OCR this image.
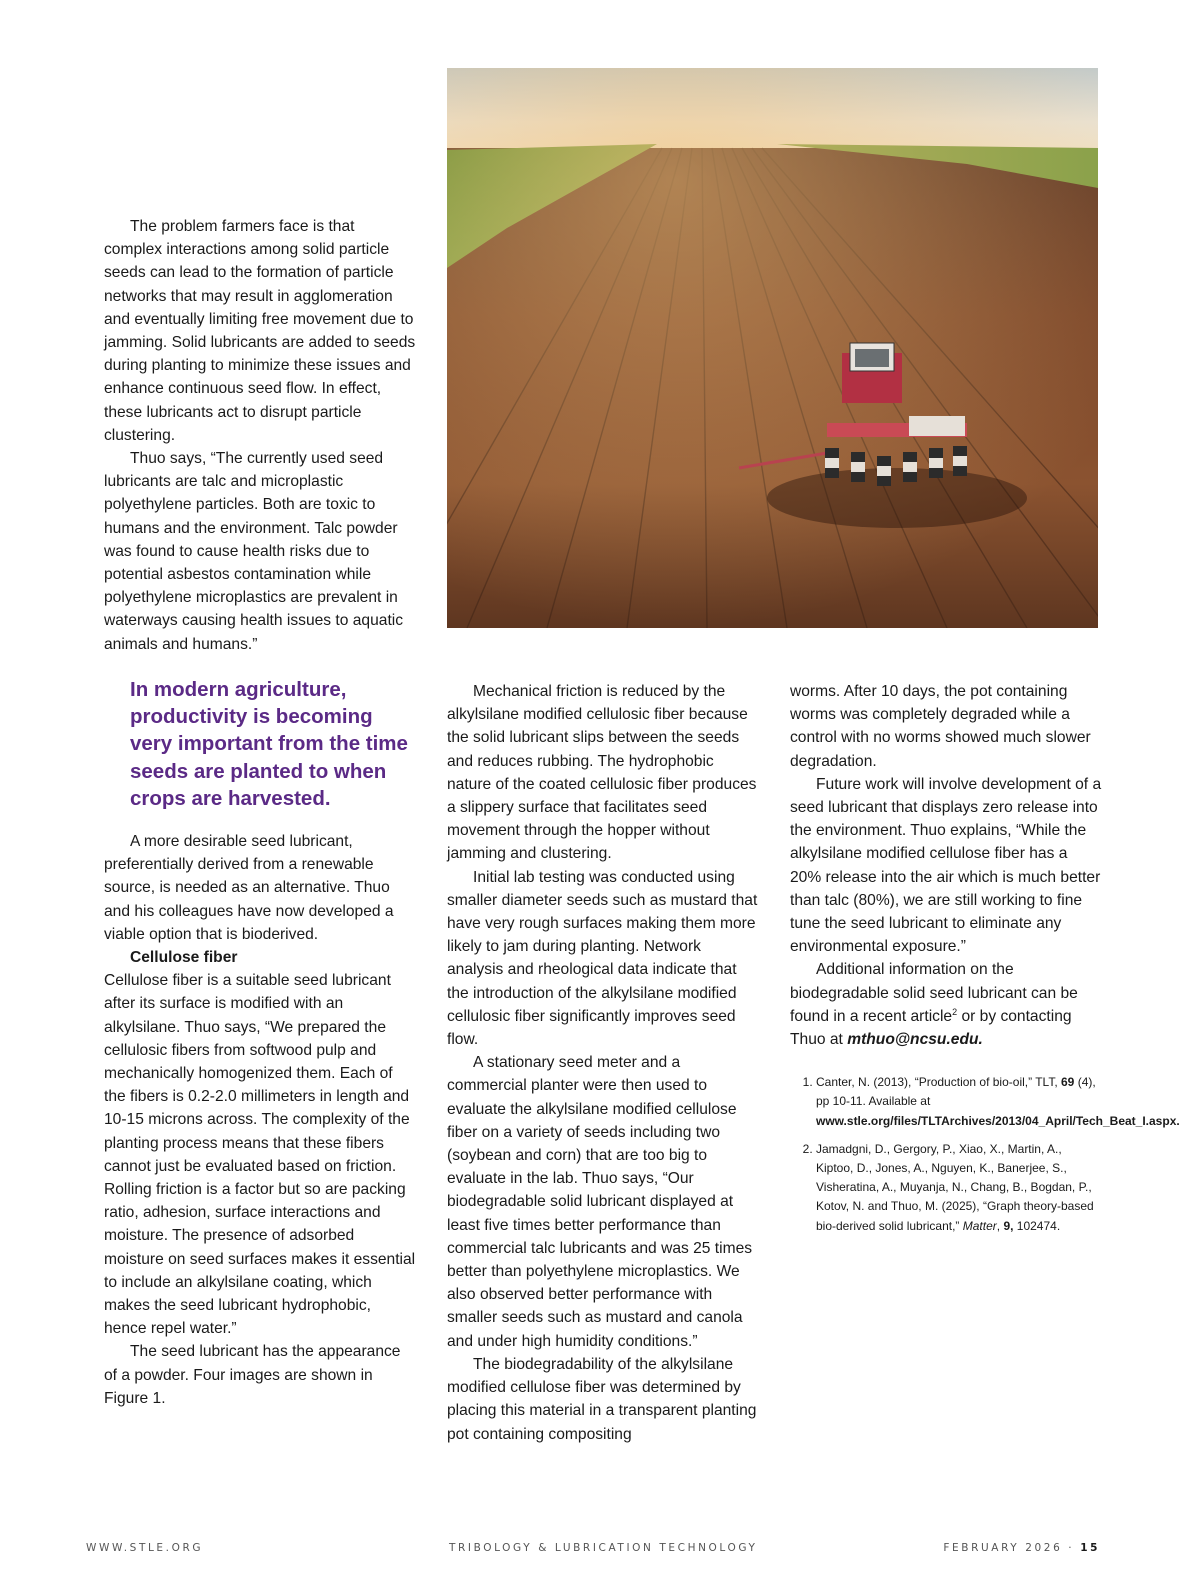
The problem farmers face is that complex interactions among solid particle seeds can lead to the formation of particle networks that may result in agglomeration and eventually limiting free movement due to jamming. Solid lubricants are added to seeds during planting to minimize these issues and enhance continuous seed flow. In effect, these lubricants act to disrupt particle clustering.

Thuo says, “The currently used seed lubricants are talc and microplastic polyethylene particles. Both are toxic to humans and the environment. Talc powder was found to cause health risks due to potential asbestos contamination while polyethylene microplastics are prevalent in waterways causing health issues to aquatic animals and humans.”

In modern agriculture, productivity is becoming very important from the time seeds are planted to when crops are harvested.

A more desirable seed lubricant, preferentially derived from a renewable source, is needed as an alternative. Thuo and his colleagues have now developed a viable option that is bioderived.

Cellulose fiber

Cellulose fiber is a suitable seed lubricant after its surface is modified with an alkylsilane. Thuo says, “We prepared the cellulosic fibers from softwood pulp and mechanically homogenized them. Each of the fibers is 0.2-2.0 millimeters in length and 10-15 microns across. The complexity of the planting process means that these fibers cannot just be evaluated based on friction. Rolling friction is a factor but so are packing ratio, adhesion, surface interactions and moisture. The presence of adsorbed moisture on seed surfaces makes it essential to include an alkylsilane coating, which makes the seed lubricant hydrophobic, hence repel water.”

The seed lubricant has the appearance of a powder. Four images are shown in Figure 1.

Mechanical friction is reduced by the alkylsilane modified cellulosic fiber because the solid lubricant slips between the seeds and reduces rubbing. The hydrophobic nature of the coated cellulosic fiber produces a slippery surface that facilitates seed movement through the hopper without jamming and clustering.

Initial lab testing was conducted using smaller diameter seeds such as mustard that have very rough surfaces making them more likely to jam during planting. Network analysis and rheological data indicate that the introduction of the alkylsilane modified cellulosic fiber significantly improves seed flow.

A stationary seed meter and a commercial planter were then used to evaluate the alkylsilane modified cellulose fiber on a variety of seeds including two (soybean and corn) that are too big to evaluate in the lab. Thuo says, “Our biodegradable solid lubricant displayed at least five times better performance than commercial talc lubricants and was 25 times better than polyethylene microplastics. We also observed better performance with smaller seeds such as mustard and canola and under high humidity conditions.”

The biodegradability of the alkylsilane modified cellulose fiber was determined by placing this material in a transparent planting pot containing compositing

worms. After 10 days, the pot containing worms was completely degraded while a control with no worms showed much slower degradation.

Future work will involve development of a seed lubricant that displays zero release into the environment. Thuo explains, “While the alkylsilane modified cellulose fiber has a 20% release into the air which is much better than talc (80%), we are still working to fine tune the seed lubricant to eliminate any environmental exposure.”

Additional information on the biodegradable solid seed lubricant can be found in a recent article$^2$ or by contacting Thuo at mthuo@ncsu.edu.

1. Canter, N. (2013), “Production of bio-oil,” TLT, 69 (4), pp 10-11. Available at www.stle.org/files/TLTArchives/2013/04_April/Tech_Beat_I.aspx.
2. Jamadgni, D., Gergory, P., Xiao, X., Martin, A., Kiptoo, D., Jones, A., Nguyen, K., Banerjee, S., Visheratina, A., Muyanja, N., Chang, B., Bogdan, P., Kotov, N. and Thuo, M. (2025), “Graph theory-based bio-derived solid lubricant,” Matter, 9, 102474.
WWW.STLE.ORG	TRIBOLOGY & LUBRICATION TECHNOLOGY	FEBRUARY 2026 · 15
